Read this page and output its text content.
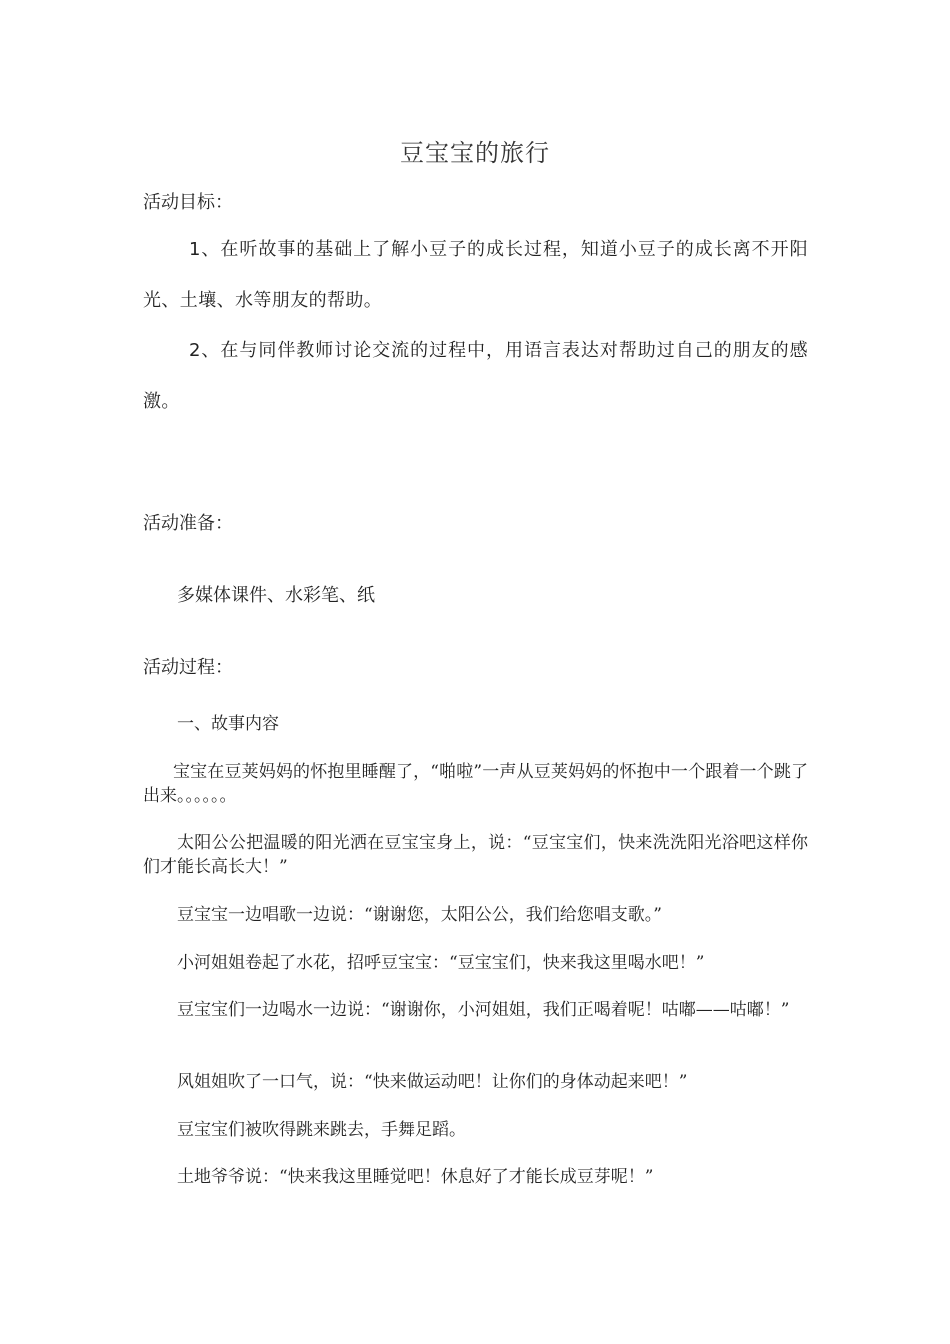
豆宝宝的旅行
活动目标：

1、在听故事的基础上了解小豆子的成长过程，知道小豆子的成长离不开阳光、土壤、水等朋友的帮助。

2、在与同伴教师讨论交流的过程中，用语言表达对帮助过自己的朋友的感激。

活动准备：
多媒体课件、水彩笔、纸
活动过程：
一、故事内容

宝宝在豆荚妈妈的怀抱里睡醒了，“啪啦”一声从豆荚妈妈的怀抱中一个跟着一个跳了出来。。。。。。

太阳公公把温暖的阳光洒在豆宝宝身上，说：“豆宝宝们，快来洗洗阳光浴吧这样你们才能长高长大！”

豆宝宝一边唱歌一边说：“谢谢您，太阳公公，我们给您唱支歌。”

小河姐姐卷起了水花，招呼豆宝宝：“豆宝宝们，快来我这里喝水吧！”

豆宝宝们一边喝水一边说：“谢谢你，小河姐姐，我们正喝着呢！咕嘟——咕嘟！”

风姐姐吹了一口气，说：“快来做运动吧！让你们的身体动起来吧！”

豆宝宝们被吹得跳来跳去，手舞足蹈。

土地爷爷说：“快来我这里睡觉吧！休息好了才能长成豆芽呢！”
